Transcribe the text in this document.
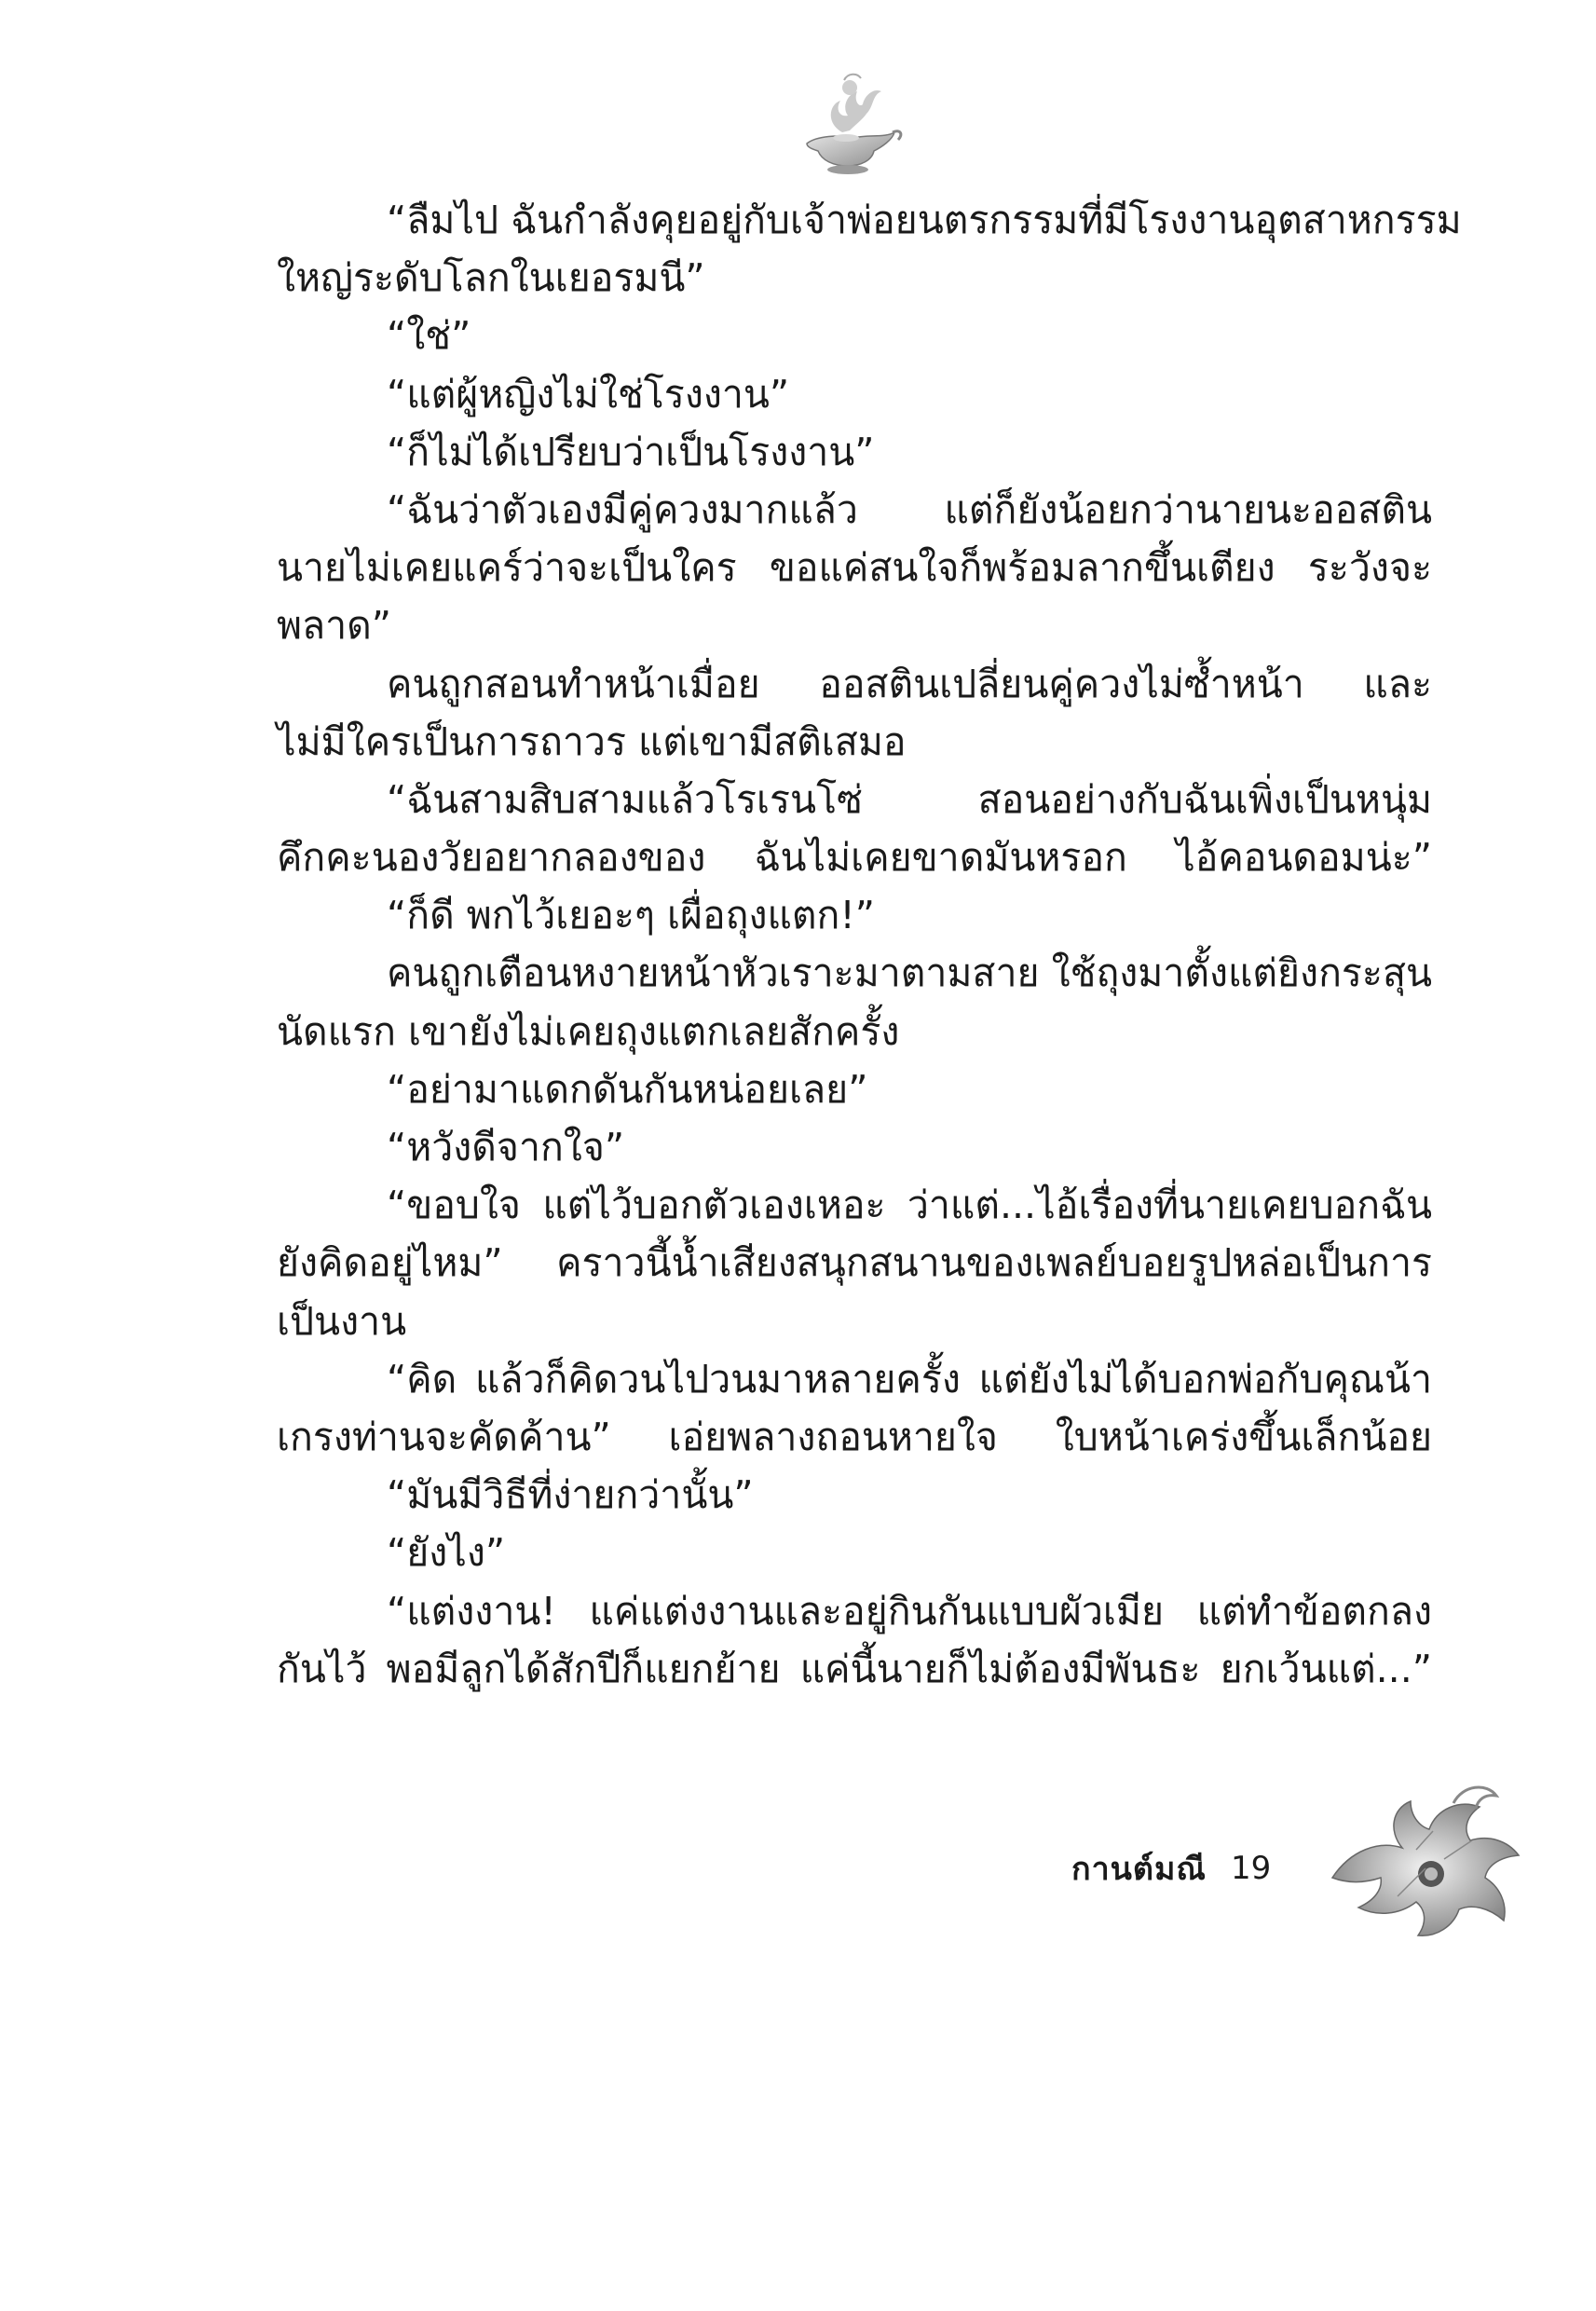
“ลืมไป ฉันกำลังคุยอยู่กับเจ้าพ่อยนตรกรรมที่มีโรงงานอุตสาหกรรม
ใหญ่ระดับโลกในเยอรมนี”
“ใช่”
“แต่ผู้หญิงไม่ใช่โรงงาน”
“ก็ไม่ได้เปรียบว่าเป็นโรงงาน”
“ฉันว่าตัวเองมีคู่ควงมากแล้ว แต่ก็ยังน้อยกว่านายนะออสติน
นายไม่เคยแคร์ว่าจะเป็นใคร ขอแค่สนใจก็พร้อมลากขึ้นเตียง ระวังจะ
พลาด”
คนถูกสอนทำหน้าเมื่อย ออสตินเปลี่ยนคู่ควงไม่ซ้ำหน้า และ
ไม่มีใครเป็นการถาวร แต่เขามีสติเสมอ
“ฉันสามสิบสามแล้วโรเรนโซ่ สอนอย่างกับฉันเพิ่งเป็นหนุ่ม
คึกคะนองวัยอยากลองของ ฉันไม่เคยขาดมันหรอก ไอ้คอนดอมน่ะ”
“ก็ดี พกไว้เยอะๆ เผื่อถุงแตก!”
คนถูกเตือนหงายหน้าหัวเราะมาตามสาย ใช้ถุงมาตั้งแต่ยิงกระสุน
นัดแรก เขายังไม่เคยถุงแตกเลยสักครั้ง
“อย่ามาแดกดันกันหน่อยเลย”
“หวังดีจากใจ”
“ขอบใจ แต่ไว้บอกตัวเองเหอะ ว่าแต่...ไอ้เรื่องที่นายเคยบอกฉัน
ยังคิดอยู่ไหม” คราวนี้น้ำเสียงสนุกสนานของเพลย์บอยรูปหล่อเป็นการ
เป็นงาน
“คิด แล้วก็คิดวนไปวนมาหลายครั้ง แต่ยังไม่ได้บอกพ่อกับคุณน้า
เกรงท่านจะคัดค้าน” เอ่ยพลางถอนหายใจ ใบหน้าเคร่งขึ้นเล็กน้อย
“มันมีวิธีที่ง่ายกว่านั้น”
“ยังไง”
“แต่งงาน! แค่แต่งงานและอยู่กินกันแบบผัวเมีย แต่ทำข้อตกลง
กันไว้ พอมีลูกได้สักปีก็แยกย้าย แค่นี้นายก็ไม่ต้องมีพันธะ ยกเว้นแต่...”
กานต์มณี 19
